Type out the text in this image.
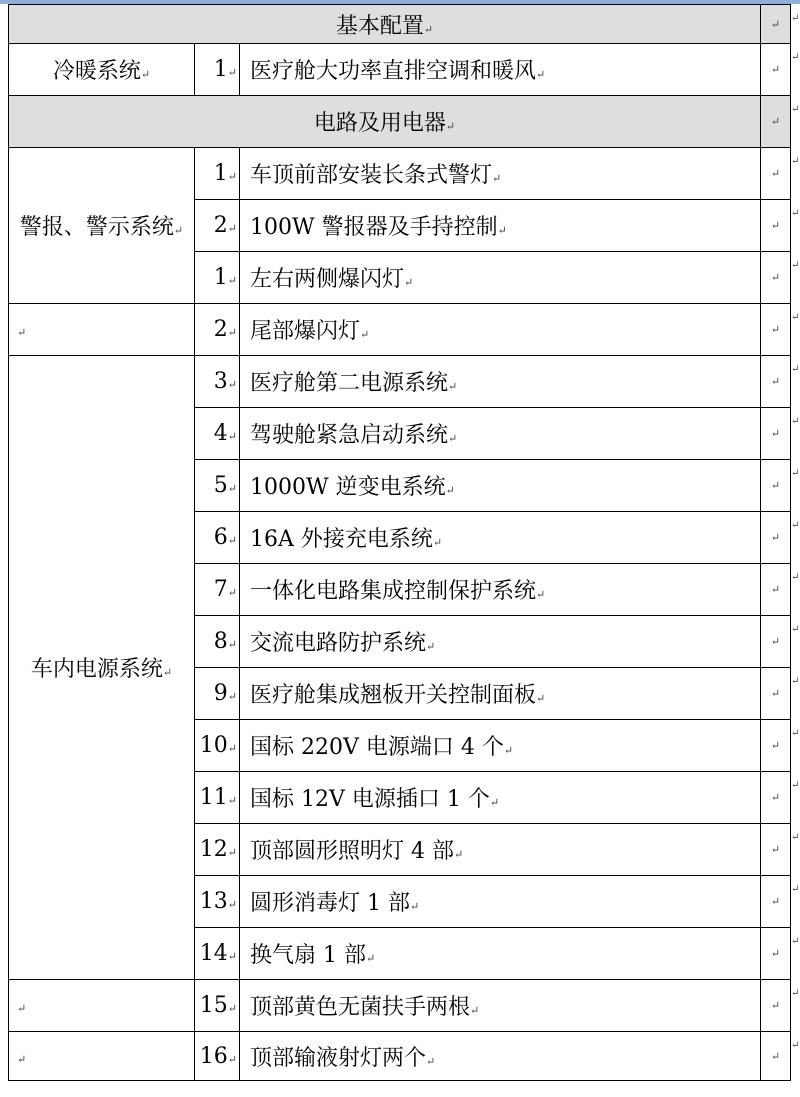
基本配置↵			↵
冷暖系统↵	1↵	医疗舱大功率直排空调和暖风↵	↵
电路及用电器↵			↵
警报、警示系统↵	1↵	车顶前部安装长条式警灯↵	↵
	2↵	100W 警报器及手持控制↵	↵
	1↵	左右两侧爆闪灯↵	↵
↵	2↵	尾部爆闪灯↵	↵
车内电源系统↵	3↵	医疗舱第二电源系统↵	↵
	4↵	驾驶舱紧急启动系统↵	↵
	5↵	1000W 逆变电系统↵	↵
	6↵	16A 外接充电系统↵	↵
	7↵	一体化电路集成控制保护系统↵	↵
	8↵	交流电路防护系统↵	↵
	9↵	医疗舱集成翘板开关控制面板↵	↵
	10↵	国标 220V 电源端口 4 个↵	↵
	11↵	国标 12V 电源插口 1 个↵	↵
	12↵	顶部圆形照明灯 4 部↵	↵
	13↵	圆形消毒灯 1 部↵	↵
	14↵	换气扇 1 部↵	↵
↵	15↵	顶部黄色无菌扶手两根↵	↵
↵	16↵	顶部输液射灯两个↵	↵
↵
↵
↵
↵
↵
↵
↵
↵
↵
↵
↵
↵
↵
↵
↵
↵
↵
↵
↵
↵
↵
